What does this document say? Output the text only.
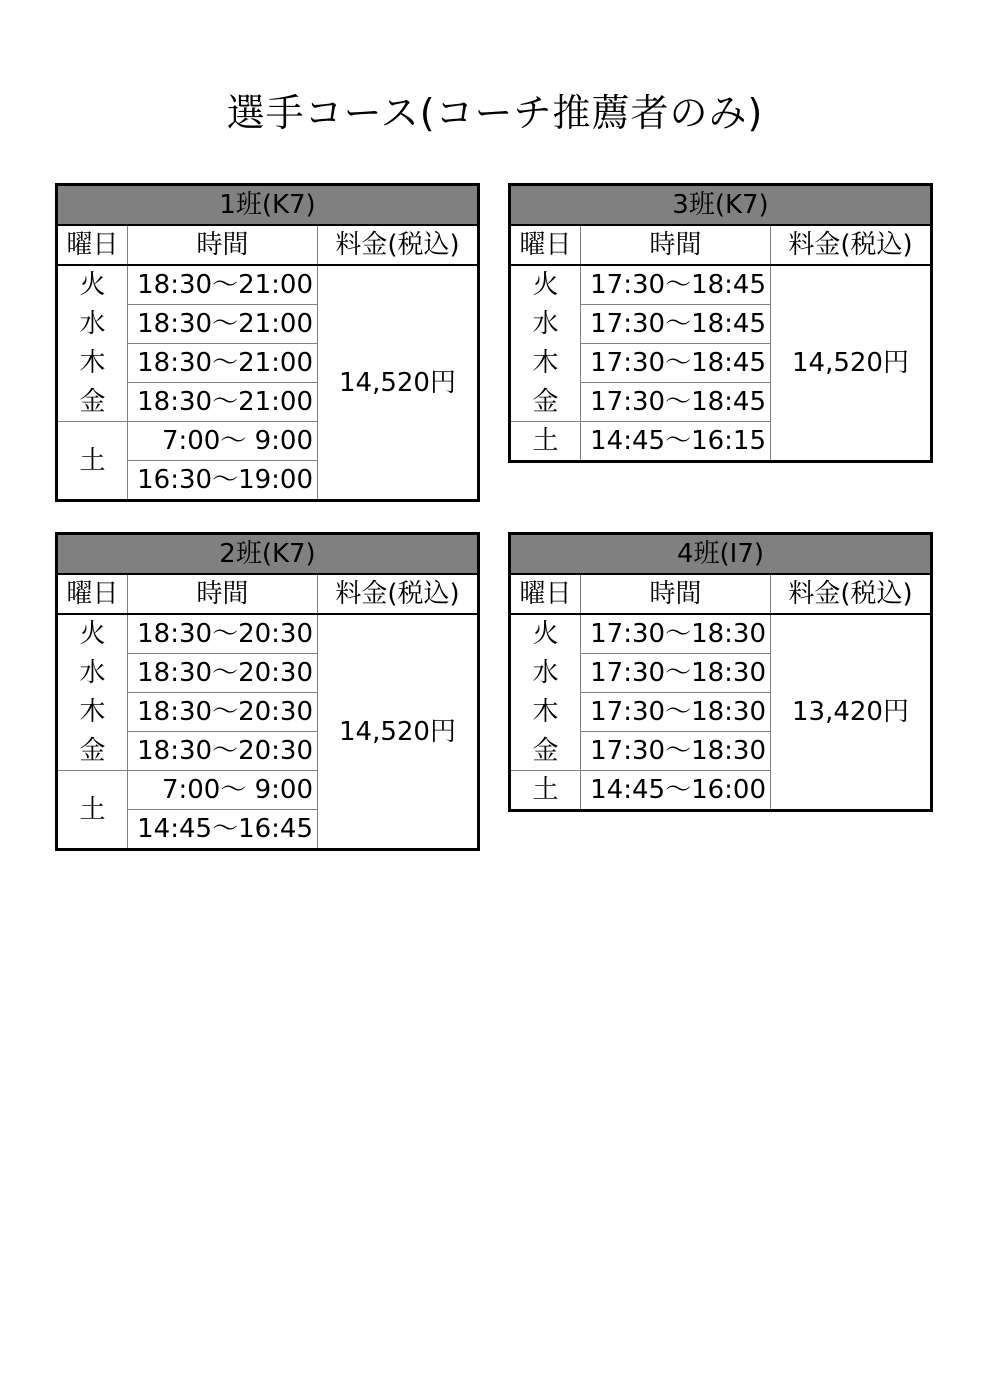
選手コース(コーチ推薦者のみ)
1班(K7)		
曜日	時間	料金(税込)
火	18:30〜21:00	14,520円
水	18:30〜21:00	
木	18:30〜21:00	
金	18:30〜21:00	
土	7:00〜 9:00	
	16:30〜19:00	
3班(K7)		
曜日	時間	料金(税込)
火	17:30〜18:45	14,520円
水	17:30〜18:45	
木	17:30〜18:45	
金	17:30〜18:45	
土	14:45〜16:15	
2班(K7)		
曜日	時間	料金(税込)
火	18:30〜20:30	14,520円
水	18:30〜20:30	
木	18:30〜20:30	
金	18:30〜20:30	
土	7:00〜 9:00	
	14:45〜16:45	
4班(I7)		
曜日	時間	料金(税込)
火	17:30〜18:30	13,420円
水	17:30〜18:30	
木	17:30〜18:30	
金	17:30〜18:30	
土	14:45〜16:00	
